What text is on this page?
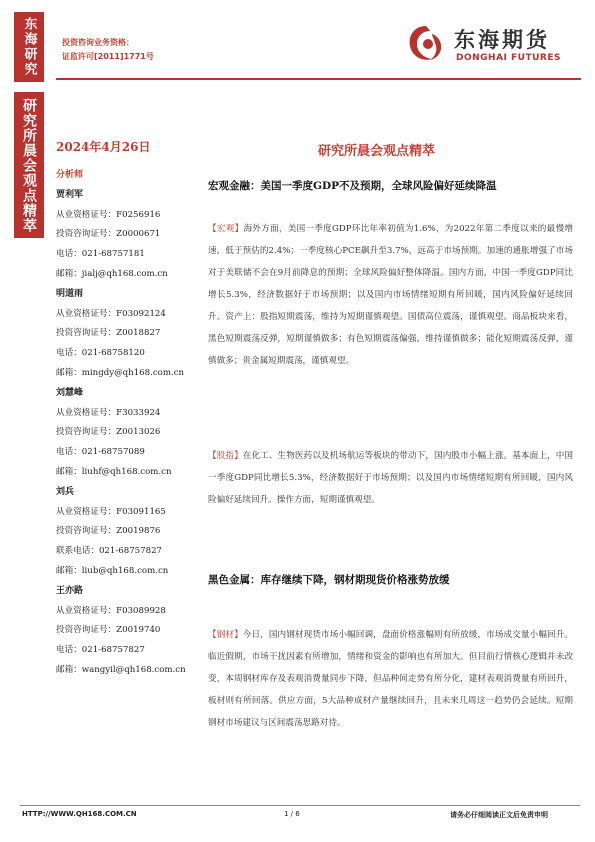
东海研究
研究所晨会观点精萃
投资咨询业务资格：
证监许可[2011]1771号
东海期货
DONGHAI FUTURES
2024年4月26日	研究所晨会观点精萃
分析师
贾利军
从业资格证号：F0256916
投资咨询证号：Z0000671
电话：021-68757181
邮箱：jialj@qh168.com.cn
明道雨
从业资格证号：F03092124
投资咨询证号：Z0018827
电话：021-68758120
邮箱：mingdy@qh168.com.cn
刘慧峰
从业资格证号：F3033924
投资咨询证号：Z0013026
电话：021-68757089
邮箱：liuhf@qh168.com.cn
刘兵
从业资格证号：F03091165
投资咨询证号：Z0019876
联系电话：021-68757827
邮箱：liub@qh168.com.cn
王亦路
从业资格证号：F03089928
投资咨询证号：Z0019740
电话：021-68757827
邮箱：wangyil@qh168.com.cn
宏观金融：美国一季度GDP不及预期，全球风险偏好延续降温
【宏观】海外方面，美国一季度GDP环比年率初值为1.6%，为2022年第二季度以来的最慢增速，低于预估的2.4%；一季度核心PCE飙升至3.7%，远高于市场预期。加速的通胀增强了市场对于美联储不会在9月前降息的预期；全球风险偏好整体降温。国内方面，中国一季度GDP同比增长5.3%，经济数据好于市场预期；以及国内市场情绪短期有所回暖，国内风险偏好延续回升。资产上：股指短期震荡，维持为短期谨慎观望。国债高位震荡，谨慎观望。商品板块来看，黑色短期震荡反弹，短期谨慎做多；有色短期震荡偏强，维持谨慎做多；能化短期震荡反弹，谨慎做多；贵金属短期震荡，谨慎观望。
【股指】在化工、生物医药以及机场航运等板块的带动下，国内股市小幅上涨。基本面上，中国一季度GDP同比增长5.3%，经济数据好于市场预期；以及国内市场情绪短期有所回暖，国内风险偏好延续回升。操作方面，短期谨慎观望。
黑色金属：库存继续下降，钢材期现货价格涨势放缓
【钢材】今日，国内钢材现货市场小幅回调，盘面价格涨幅则有所放缓，市场成交量小幅回升。临近假期，市场干扰因素有所增加，情绪和资金的影响也有所加大。但目前行情核心逻辑并未改变，本周钢材库存及表观消费量同步下降，但品种间走势有所分化，建材表观消费量有所回升，板材则有所回落。供应方面，5大品种成材产量继续回升，且未来几周这一趋势仍会延续。短期钢材市场建议与区间震荡思路对待。
HTTP://WWW.QH168.COM.CN	1 / 6	请务必仔细阅读正文后免责申明
